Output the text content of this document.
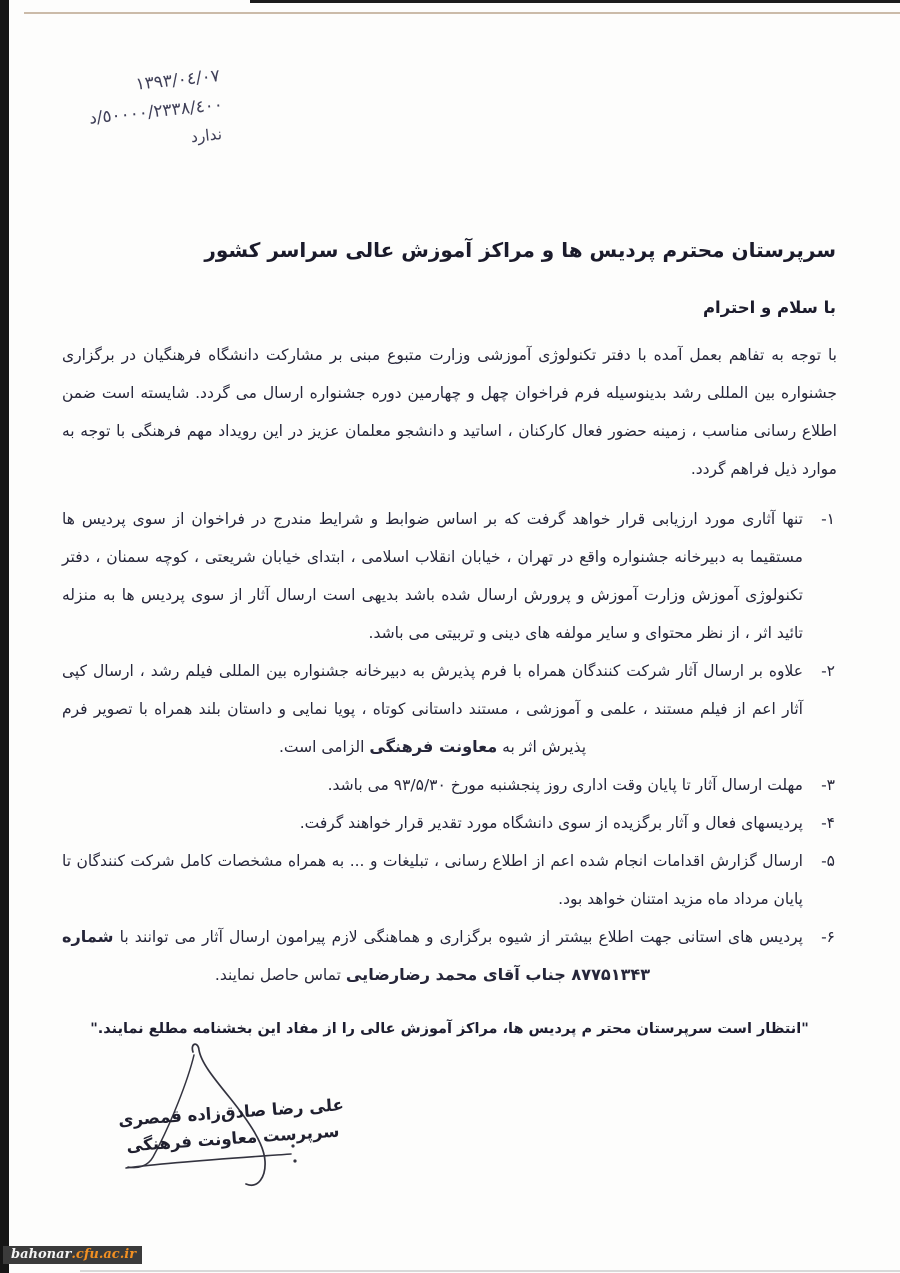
١٣٩٣/٠٤/٠٧
د/٥٠٠٠٠/٢٣٣٨/٤٠٠
ندارد
سرپرستان محترم پردیس ها و مراکز آموزش عالی سراسر کشور
با سلام و احترام
با توجه به تفاهم بعمل آمده با دفتر تکنولوژی آموزشی وزارت متبوع مبنی بر مشارکت دانشگاه فرهنگیان در برگزاری جشنواره بین المللی رشد بدینوسیله فرم فراخوان چهل و چهارمین دوره جشنواره ارسال می گردد. شایسته است ضمن اطلاع رسانی مناسب ، زمینه حضور فعال کارکنان ، اساتید و دانشجو معلمان عزیز در این رویداد مهم فرهنگی با توجه به موارد ذیل فراهم گردد.
۱-
تنها آثاری مورد ارزیابی قرار خواهد گرفت که بر اساس ضوابط و شرایط مندرج در فراخوان از سوی پردیس ها مستقیما به دبیرخانه جشنواره واقع در تهران ، خیابان انقلاب اسلامی ، ابتدای خیابان شریعتی ، کوچه سمنان ، دفتر تکنولوژی آموزش وزارت آموزش و پرورش ارسال شده باشد بدیهی است ارسال آثار از سوی پردیس ها به منزله تائید اثر ، از نظر محتوای و سایر مولفه های دینی و تربیتی می باشد.
۲-
علاوه بر ارسال آثار شرکت کنندگان همراه با فرم پذیرش به دبیرخانه جشنواره بین المللی فیلم رشد ، ارسال کپی آثار اعم از فیلم مستند ، علمی و آموزشی ، مستند داستانی کوتاه ، پویا نمایی و داستان بلند همراه با تصویر فرم پذیرش اثر به معاونت فرهنگی الزامی است.
۳-
مهلت ارسال آثار تا پایان وقت اداری روز پنجشنبه مورخ ۹۳/۵/۳۰ می باشد.
۴-
پردیسهای فعال و آثار برگزیده از سوی دانشگاه مورد تقدیر قرار خواهند گرفت.
۵-
ارسال گزارش اقدامات انجام شده اعم از اطلاع رسانی ، تبلیغات و ... به همراه مشخصات کامل شرکت کنندگان تا پایان مرداد ماه مزید امتنان خواهد بود.
۶-
پردیس های استانی جهت اطلاع بیشتر از شیوه برگزاری و هماهنگی لازم پیرامون ارسال آثار می توانند با شماره ۸۷۷۵۱۳۴۳ جناب آقای محمد رضارضایی تماس حاصل نمایند.
"انتظار است سرپرستان محتر م پردیس ها، مراکز آموزش عالی را از مفاد این بخشنامه مطلع نمایند."
علی رضا صادق‌زاده قمصری
سرپرست معاونت فرهنگی
bahonar .cfu.ac.ir
